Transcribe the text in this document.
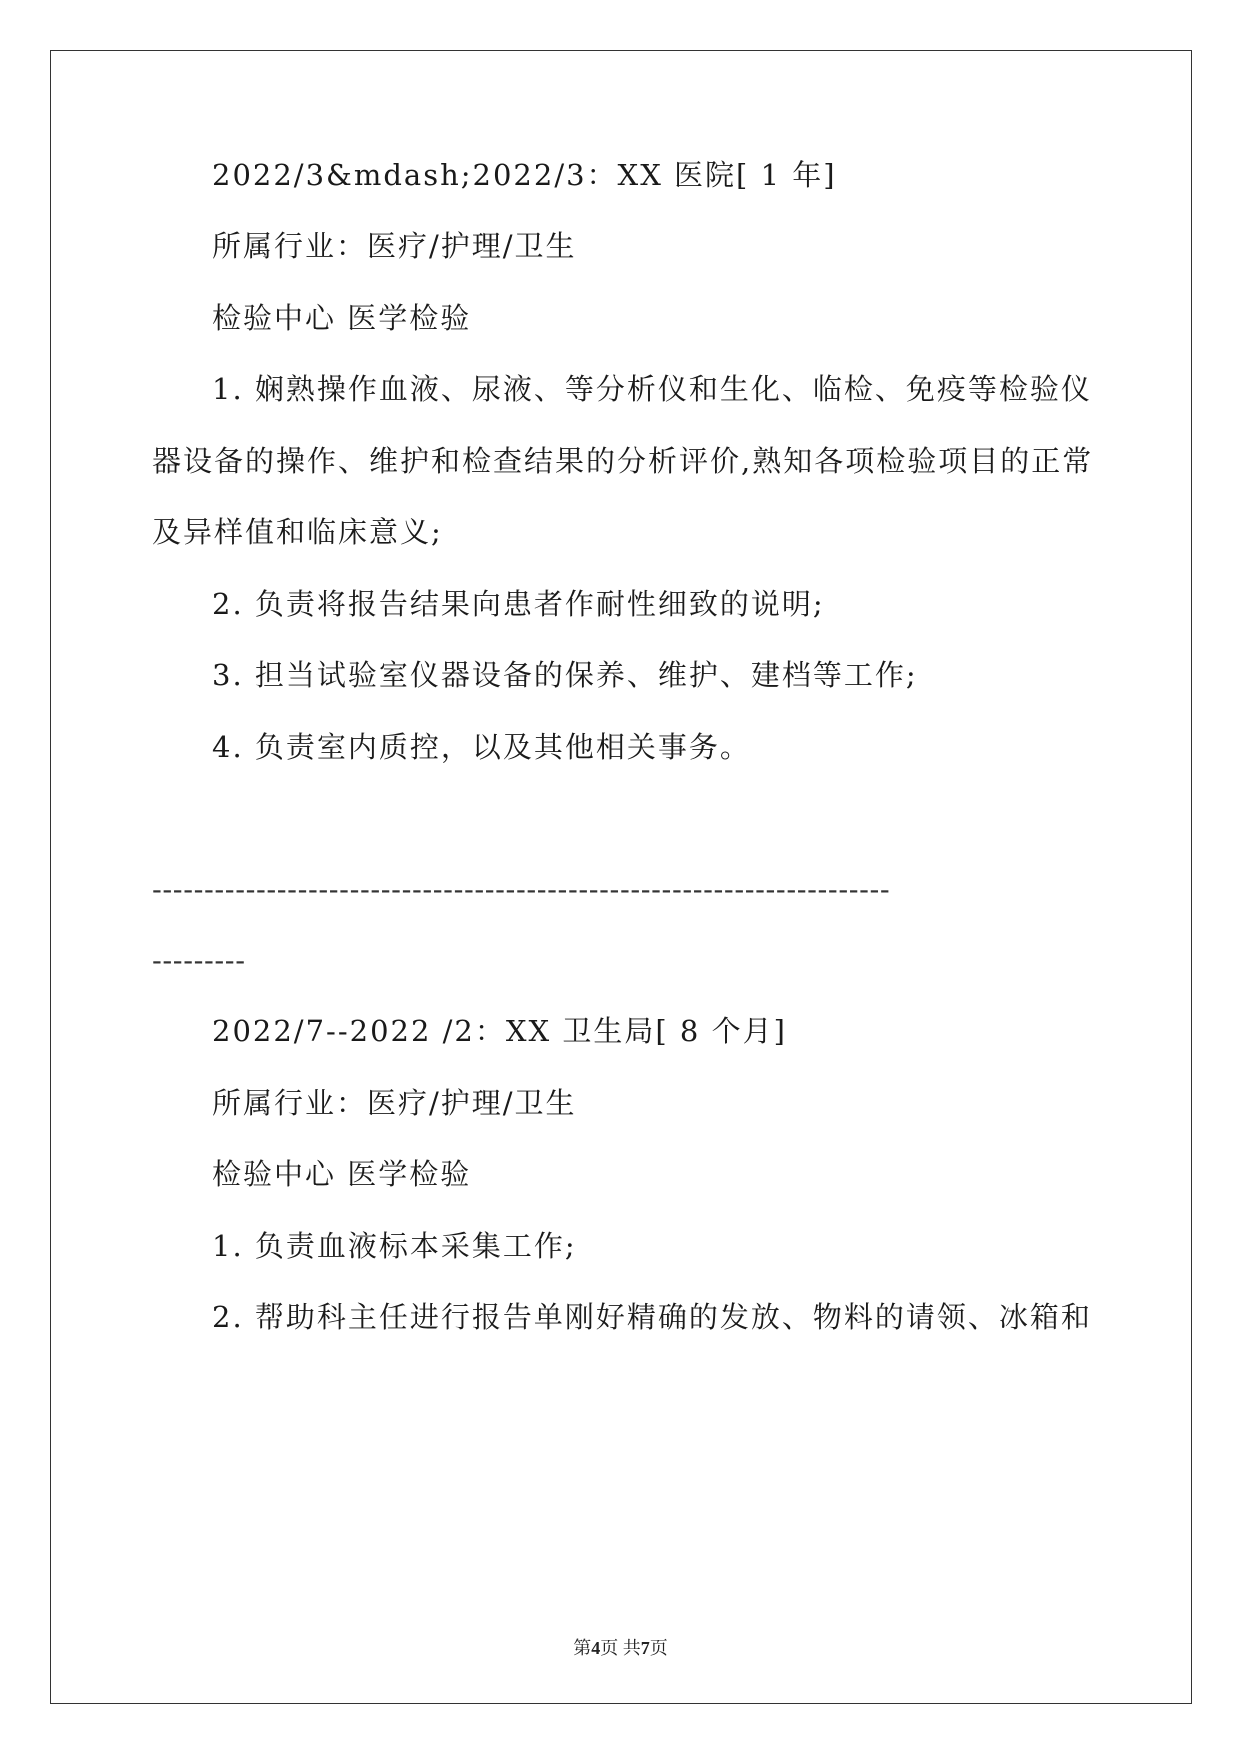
2022/3&mdash;2022/3：XX 医院[ 1 年]
所属行业：医疗/护理/卫生
检验中心 医学检验
1. 娴熟操作血液、尿液、等分析仪和生化、临检、免疫等检验仪
器设备的操作、维护和检查结果的分析评价,熟知各项检验项目的正常
及异样值和临床意义;
2. 负责将报告结果向患者作耐性细致的说明;
3. 担当试验室仪器设备的保养、维护、建档等工作;
4. 负责室内质控，以及其他相关事务。
-----------------------------------------------------------------------
---------
2022/7--2022 /2：XX 卫生局[ 8 个月]
所属行业：医疗/护理/卫生
检验中心 医学检验
1. 负责血液标本采集工作;
2. 帮助科主任进行报告单刚好精确的发放、物料的请领、冰箱和
第4页 共7页
